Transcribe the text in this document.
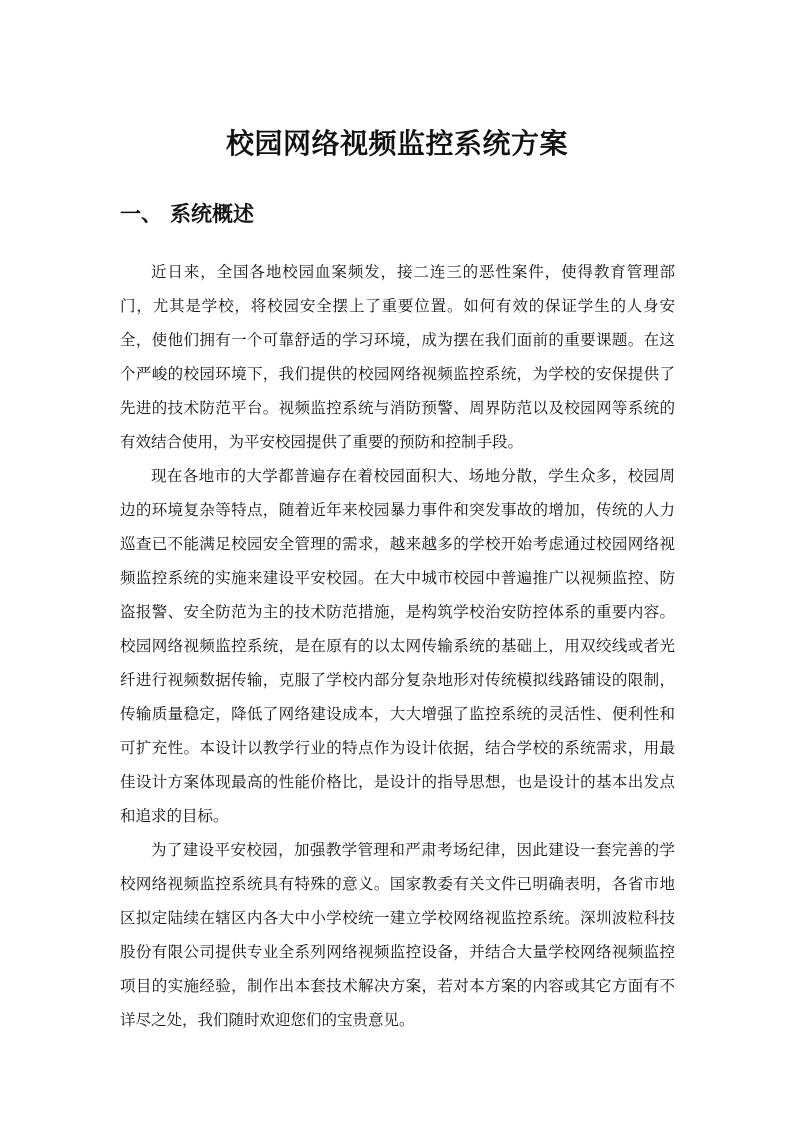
校园网络视频监控系统方案
一、 系统概述

近日来，全国各地校园血案频发，接二连三的恶性案件，使得教育管理部门，尤其是学校，将校园安全摆上了重要位置。如何有效的保证学生的人身安全，使他们拥有一个可靠舒适的学习环境，成为摆在我们面前的重要课题。在这个严峻的校园环境下，我们提供的校园网络视频监控系统，为学校的安保提供了先进的技术防范平台。视频监控系统与消防预警、周界防范以及校园网等系统的有效结合使用，为平安校园提供了重要的预防和控制手段。

现在各地市的大学都普遍存在着校园面积大、场地分散，学生众多，校园周边的环境复杂等特点，随着近年来校园暴力事件和突发事故的增加，传统的人力巡查已不能满足校园安全管理的需求，越来越多的学校开始考虑通过校园网络视频监控系统的实施来建设平安校园。在大中城市校园中普遍推广以视频监控、防盗报警、安全防范为主的技术防范措施，是构筑学校治安防控体系的重要内容。校园网络视频监控系统，是在原有的以太网传输系统的基础上，用双绞线或者光纤进行视频数据传输，克服了学校内部分复杂地形对传统模拟线路铺设的限制，传输质量稳定，降低了网络建设成本，大大增强了监控系统的灵活性、便利性和可扩充性。本设计以教学行业的特点作为设计依据，结合学校的系统需求，用最佳设计方案体现最高的性能价格比，是设计的指导思想，也是设计的基本出发点和追求的目标。

为了建设平安校园，加强教学管理和严肃考场纪律，因此建设一套完善的学校网络视频监控系统具有特殊的意义。国家教委有关文件已明确表明，各省市地区拟定陆续在辖区内各大中小学校统一建立学校网络视监控系统。深圳波粒科技股份有限公司提供专业全系列网络视频监控设备，并结合大量学校网络视频监控项目的实施经验，制作出本套技术解决方案，若对本方案的内容或其它方面有不详尽之处，我们随时欢迎您们的宝贵意见。
